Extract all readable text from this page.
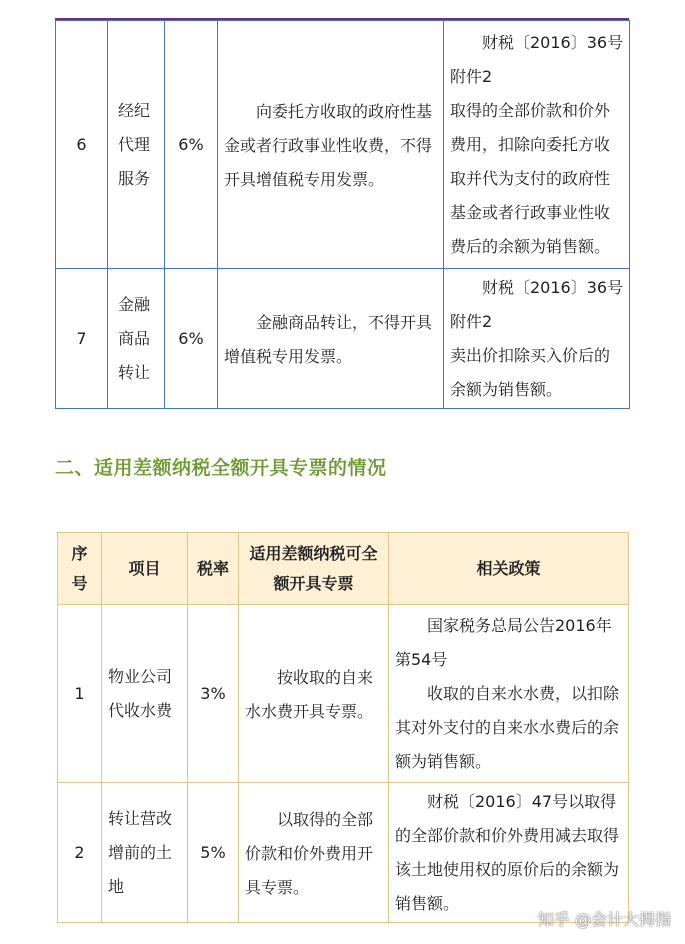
6	经纪
代理
服务	6%	向委托方收取的政府性基金或者行政事业性收费，不得开具增值税专用发票。	财税〔2016〕36号
附件2
取得的全部价款和价外费用，扣除向委托方收取并代为支付的政府性基金或者行政事业性收费后的余额为销售额。

7	金融
商品
转让	6%	金融商品转让，不得开具增值税专用发票。	财税〔2016〕36号
附件2
卖出价扣除买入价后的余额为销售额。
二、适用差额纳税全额开具专票的情况
序号	项目	税率	适用差额纳税可全额开具专票	相关政策
1	物业公司代收水费	3%	按收取的自来水水费开具专票。	国家税务总局公告2016年第54号
收取的自来水水费，以扣除其对外支付的自来水水费后的余额为销售额。

2	转让营改增前的土地	5%	以取得的全部价款和价外费用开具专票。	财税〔2016〕47号以取得的全部价款和价外费用减去取得该土地使用权的原价后的余额为销售额。
知乎 @会计大拇指
